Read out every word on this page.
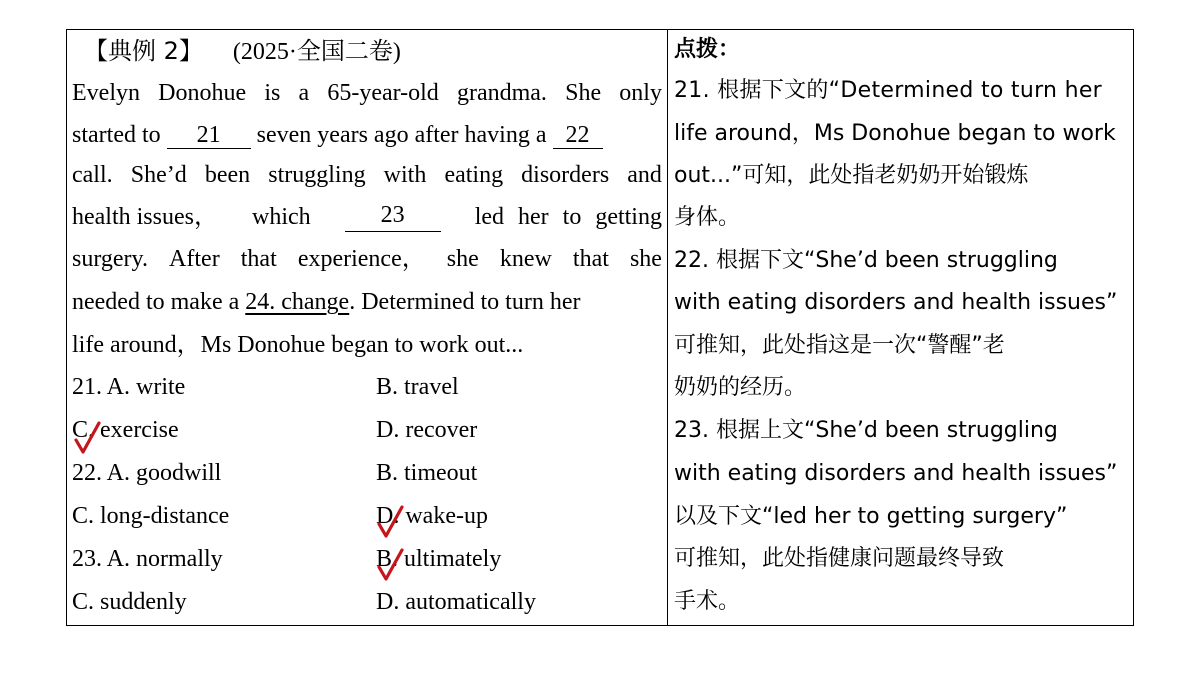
【典例 2】 (2025·全国二卷)
Evelyn Donohue is a 65-year-old grandma. She only
started to 21 seven years ago after having a 22
call. She’d been struggling with eating disorders and
health issues， which	23	led her to getting
surgery. After that experience， she knew that she
needed to make a 24. change. Determined to turn her
life around，Ms Donohue began to work out...
21. A. write	B. travel
C. exercise	D. recover
22. A. goodwill	B. timeout
C. long-distance	D. wake-up
23. A. normally	B. ultimately
C. suddenly	D. automatically
点拨：
21. 根据下文的“Determined to turn her
life around，Ms Donohue began to work
out...”可知，此处指老奶奶开始锻炼
身体。
22. 根据下文“She’d been struggling
with eating disorders and health issues”
可推知，此处指这是一次“警醒”老
奶奶的经历。
23. 根据上文“She’d been struggling
with eating disorders and health issues”
以及下文“led her to getting surgery”
可推知，此处指健康问题最终导致
手术。
